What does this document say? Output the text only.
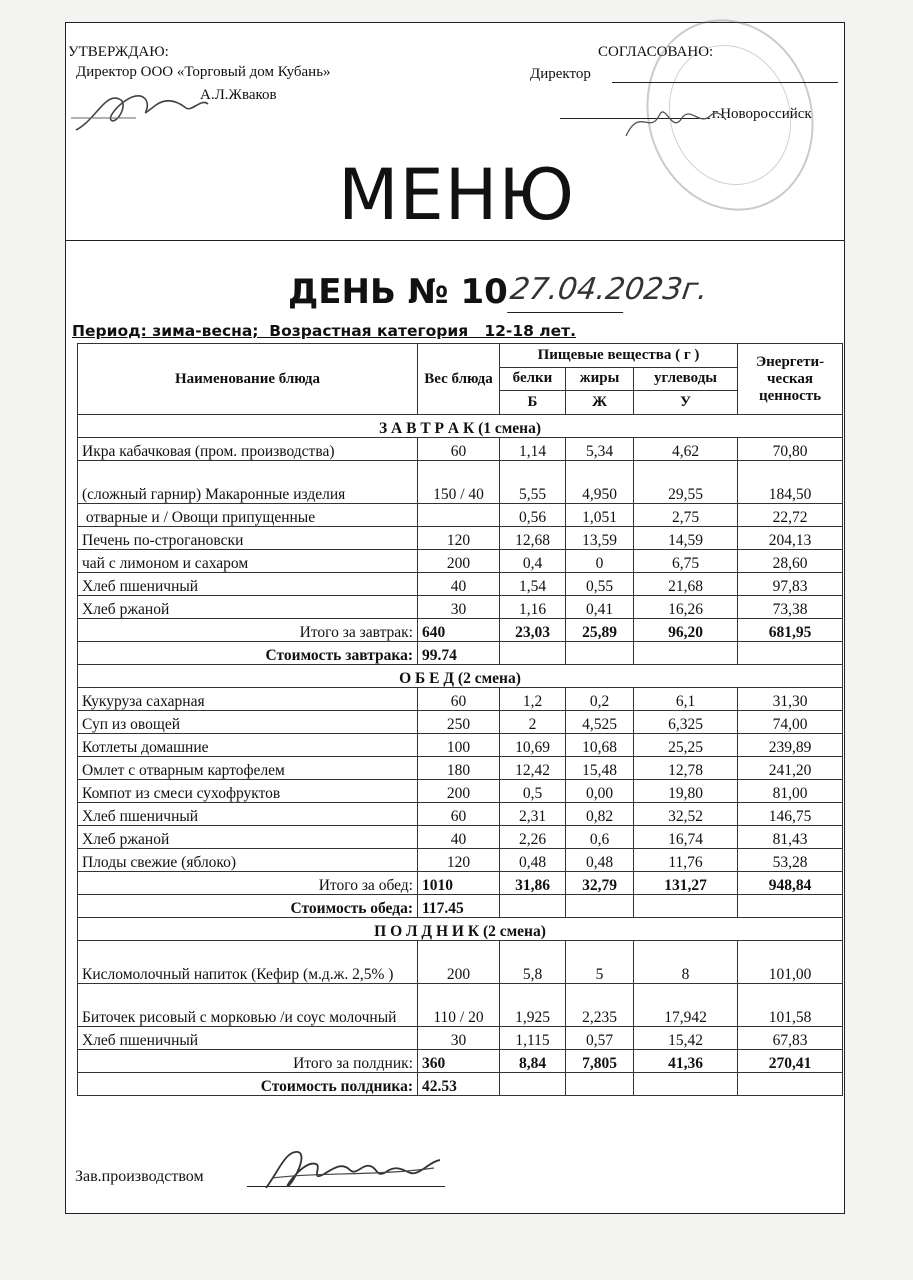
УТВЕРЖДАЮ:
Директор ООО «Торговый дом Кубань»
А.Л.Жваков
СОГЛАСОВАНО:
Директор
г.Новороссийск
МЕНЮ
ДЕНЬ № 10 27.04.2023г.
Период: зима-весна;  Возрастная категория   12-18 лет.
Наименование блюда	Вес блюда	Пищевые вещества ( г )			Энергети-ческая ценность
		белки	жиры	углеводы	
		Б	Ж	У	
З А В Т Р А К (1 смена)					
Икра кабачковая (пром. производства)	60	1,14	5,34	4,62	70,80
(сложный гарнир) Макаронные изделия	150 / 40	5,55	4,950	29,55	184,50
отварные и / Овощи припущенные		0,56	1,051	2,75	22,72
Печень по-строгановски	120	12,68	13,59	14,59	204,13
чай с лимоном и сахаром	200	0,4	0	6,75	28,60
Хлеб пшеничный	40	1,54	0,55	21,68	97,83
Хлеб ржаной	30	1,16	0,41	16,26	73,38
Итого за завтрак:	640	23,03	25,89	96,20	681,95
Стоимость завтрака:	99.74				
О Б Е Д (2 смена)					
Кукуруза сахарная	60	1,2	0,2	6,1	31,30
Суп из овощей	250	2	4,525	6,325	74,00
Котлеты домашние	100	10,69	10,68	25,25	239,89
Омлет с отварным картофелем	180	12,42	15,48	12,78	241,20
Компот из смеси сухофруктов	200	0,5	0,00	19,80	81,00
Хлеб пшеничный	60	2,31	0,82	32,52	146,75
Хлеб ржаной	40	2,26	0,6	16,74	81,43
Плоды свежие (яблоко)	120	0,48	0,48	11,76	53,28
Итого за обед:	1010	31,86	32,79	131,27	948,84
Стоимость обеда:	117.45				
П О Л Д Н И К (2 смена)					
Кисломолочный напиток (Кефир (м.д.ж. 2,5% )	200	5,8	5	8	101,00
Биточек рисовый с морковью /и соус молочный	110 / 20	1,925	2,235	17,942	101,58
Хлеб пшеничный	30	1,115	0,57	15,42	67,83
Итого за полдник:	360	8,84	7,805	41,36	270,41
Стоимость полдника:	42.53				
Зав.производством
